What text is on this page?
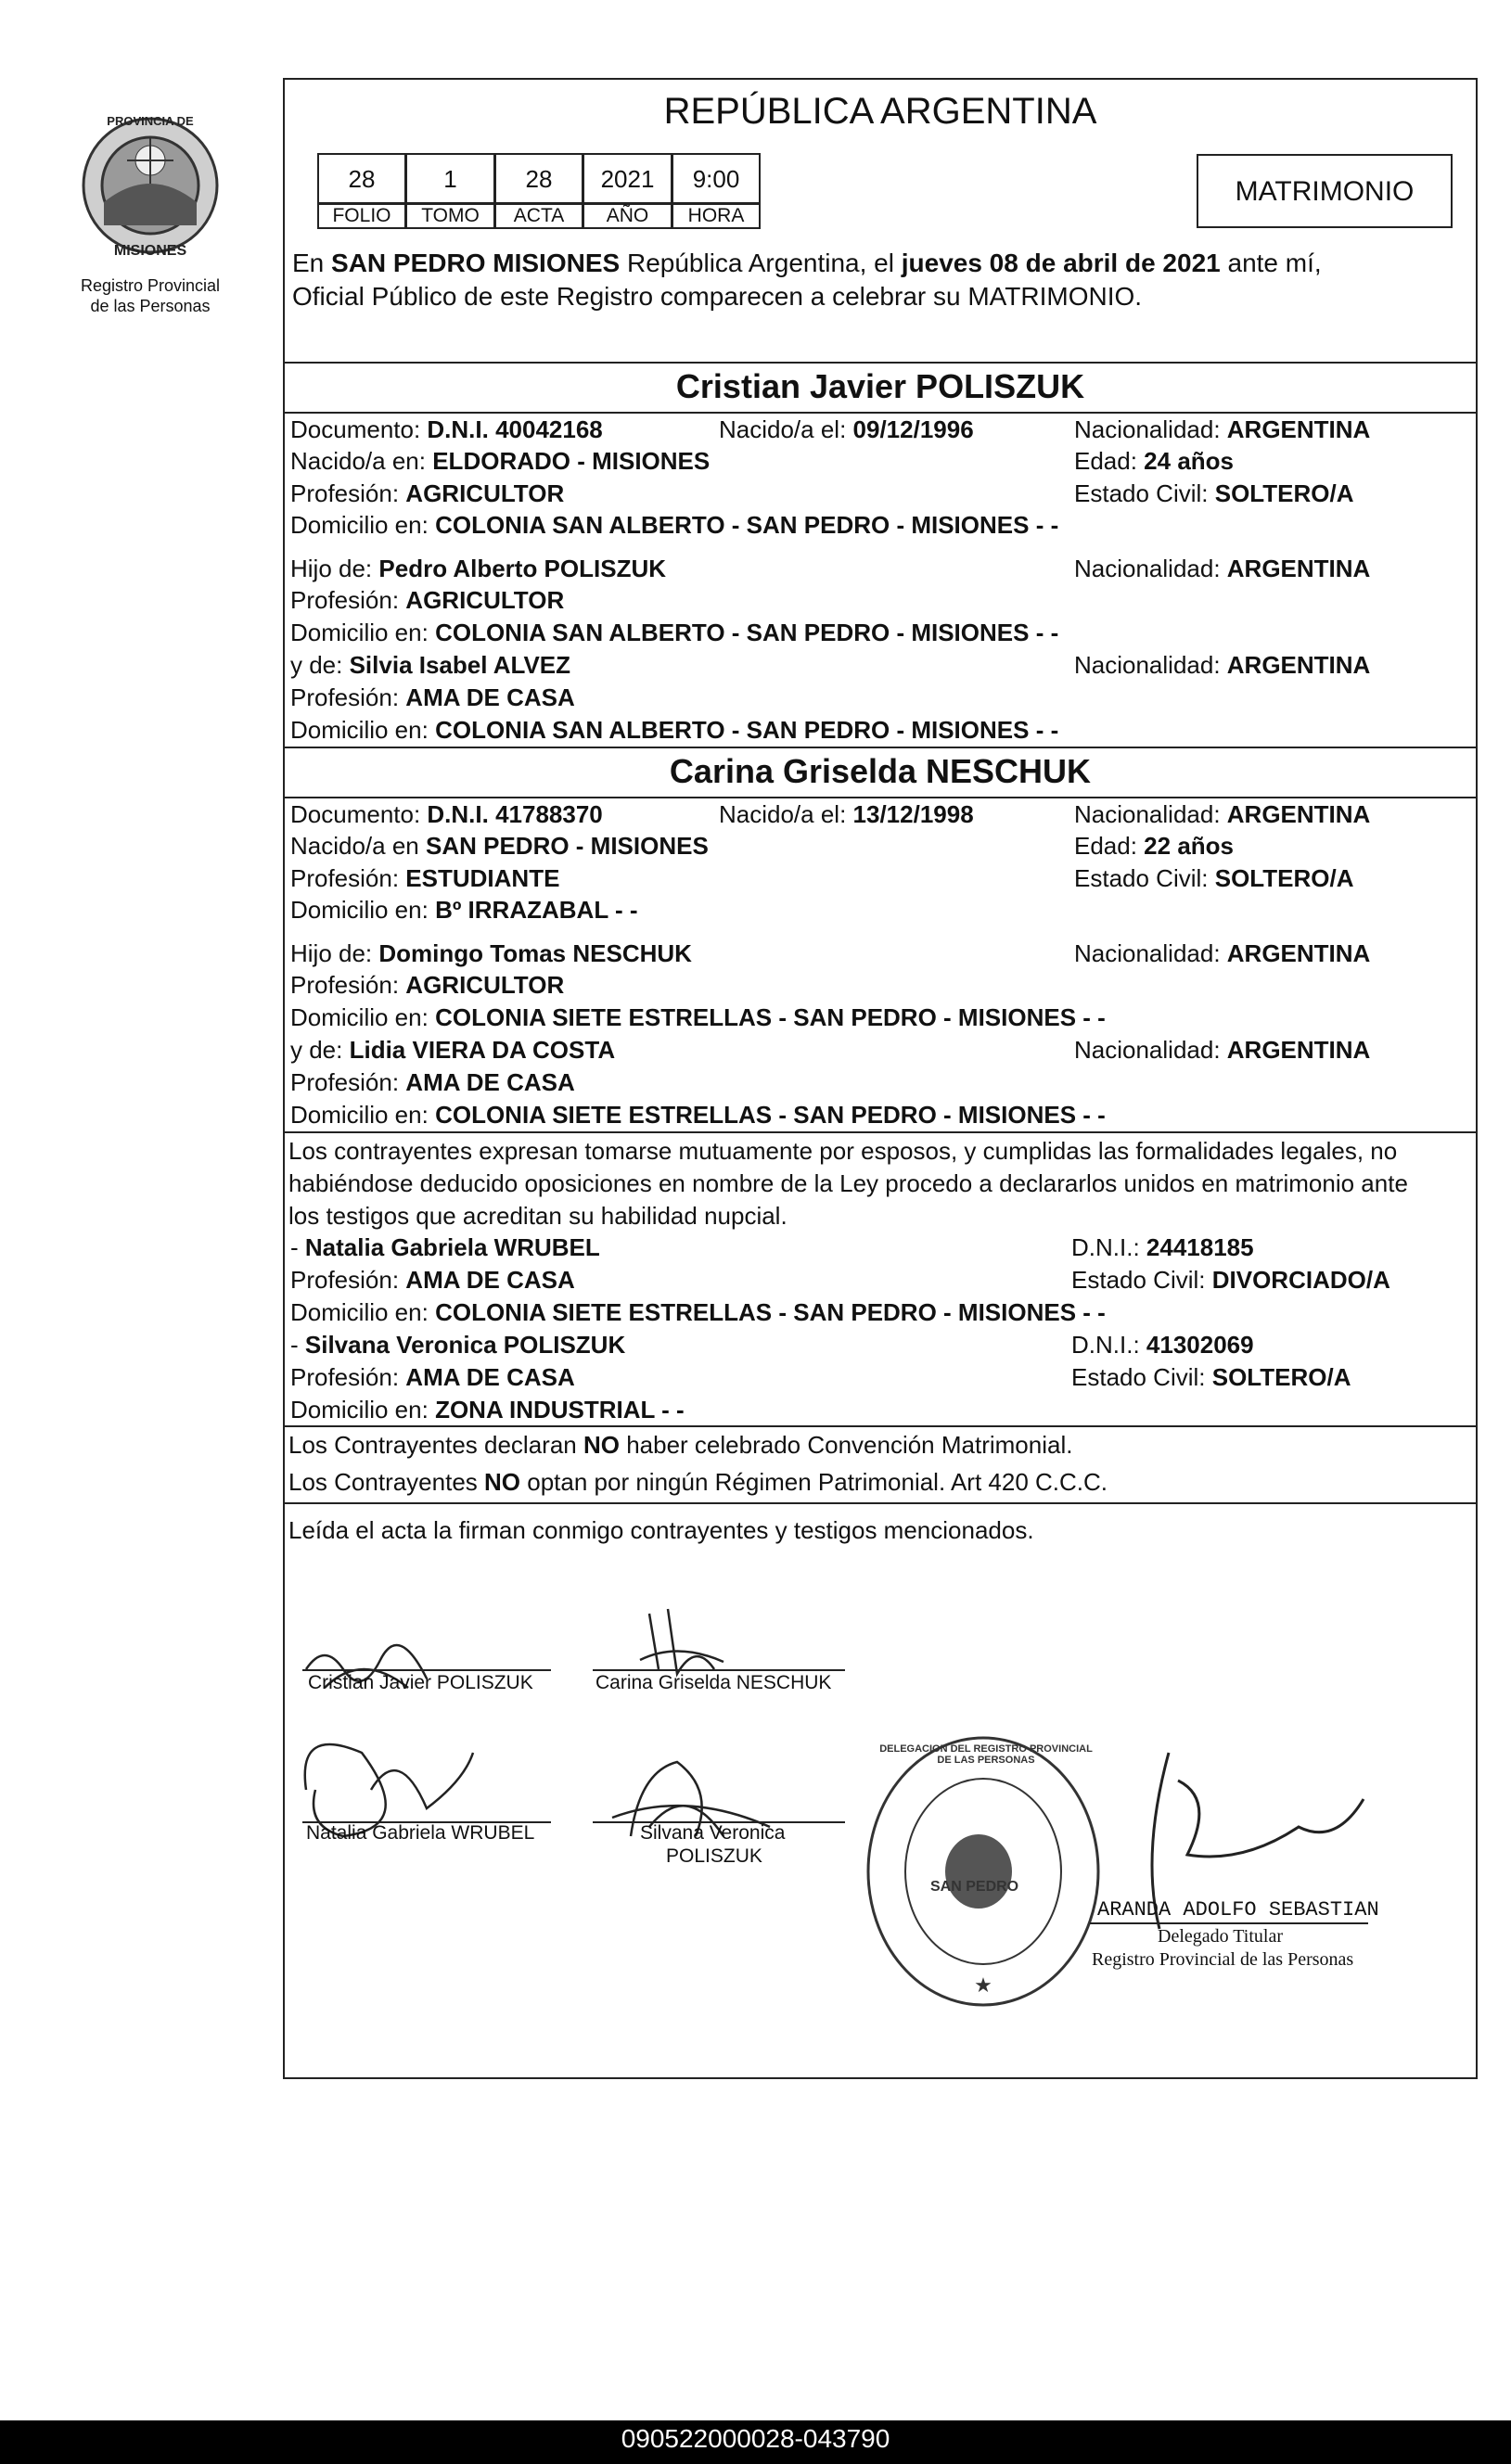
PROVINCIA DE
MISIONES
Registro Provincial
de las Personas
REPÚBLICA ARGENTINA
28	1	28	2021	9:00
FOLIO	TOMO	ACTA	AÑO	HORA
MATRIMONIO
En SAN PEDRO MISIONES República Argentina, el jueves 08 de abril de 2021 ante mí,
Oficial Público de este Registro comparecen a celebrar su MATRIMONIO.
Cristian Javier POLISZUK
Documento: D.N.I. 40042168	Nacido/a el: 09/12/1996	Nacionalidad: ARGENTINA
Nacido/a en: ELDORADO - MISIONES	Edad: 24 años
Profesión: AGRICULTOR	Estado Civil: SOLTERO/A
Domicilio en: COLONIA SAN ALBERTO - SAN PEDRO - MISIONES - -
Hijo de: Pedro Alberto POLISZUK	Nacionalidad: ARGENTINA
Profesión: AGRICULTOR
Domicilio en: COLONIA SAN ALBERTO - SAN PEDRO - MISIONES - -
y de: Silvia Isabel ALVEZ	Nacionalidad: ARGENTINA
Profesión: AMA DE CASA
Domicilio en: COLONIA SAN ALBERTO - SAN PEDRO - MISIONES - -
Carina Griselda NESCHUK
Documento: D.N.I. 41788370	Nacido/a el: 13/12/1998	Nacionalidad: ARGENTINA
Nacido/a en SAN PEDRO - MISIONES	Edad: 22 años
Profesión: ESTUDIANTE	Estado Civil: SOLTERO/A
Domicilio en: Bº IRRAZABAL - -
Hijo de: Domingo Tomas NESCHUK	Nacionalidad: ARGENTINA
Profesión: AGRICULTOR
Domicilio en: COLONIA SIETE ESTRELLAS - SAN PEDRO - MISIONES - -
y de: Lidia VIERA DA COSTA	Nacionalidad: ARGENTINA
Profesión: AMA DE CASA
Domicilio en: COLONIA SIETE ESTRELLAS - SAN PEDRO - MISIONES - -
Los contrayentes expresan tomarse mutuamente por esposos, y cumplidas las formalidades legales, no
habiéndose deducido oposiciones en nombre de la Ley procedo a declararlos unidos en matrimonio ante
los testigos que acreditan su habilidad nupcial.
- Natalia Gabriela WRUBEL	D.N.I.: 24418185
Profesión: AMA DE CASA	Estado Civil: DIVORCIADO/A
Domicilio en: COLONIA SIETE ESTRELLAS - SAN PEDRO - MISIONES - -
- Silvana Veronica POLISZUK	D.N.I.: 41302069
Profesión: AMA DE CASA	Estado Civil: SOLTERO/A
Domicilio en: ZONA INDUSTRIAL - -
Los Contrayentes declaran NO haber celebrado Convención Matrimonial.
Los Contrayentes NO optan por ningún Régimen Patrimonial. Art 420 C.C.C.
Leída el acta la firman conmigo contrayentes y testigos mencionados.
Cristian Javier POLISZUK	Carina Griselda NESCHUK
Natalia Gabriela WRUBEL	Silvana Veronica
POLISZUK
★
SAN PEDRO
DELEGACION DEL REGISTRO PROVINCIAL DE LAS PERSONAS
ARANDA ADOLFO SEBASTIAN
Delegado Titular
Registro Provincial de las Personas
090522000028-043790
